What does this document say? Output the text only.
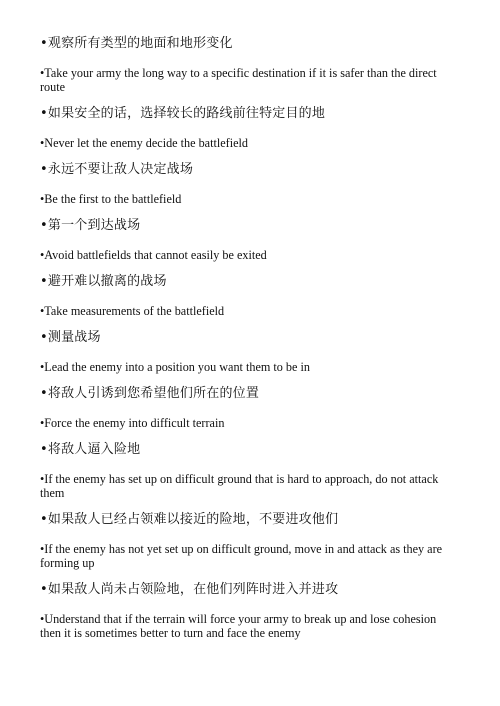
•观察所有类型的地面和地形变化

•Take your army the long way to a specific destination if it is safer than the direct route

•如果安全的话，选择较长的路线前往特定目的地

•Never let the enemy decide the battlefield

•永远不要让敌人决定战场

•Be the first to the battlefield

•第一个到达战场

•Avoid battlefields that cannot easily be exited

•避开难以撤离的战场

•Take measurements of the battlefield

•测量战场

•Lead the enemy into a position you want them to be in

•将敌人引诱到您希望他们所在的位置

•Force the enemy into difficult terrain

•将敌人逼入险地

•If the enemy has set up on difficult ground that is hard to approach, do not attack them

•如果敌人已经占领难以接近的险地，不要进攻他们

•If the enemy has not yet set up on difficult ground, move in and attack as they are forming up

•如果敌人尚未占领险地，在他们列阵时进入并进攻

•Understand that if the terrain will force your army to break up and lose cohesion then it is sometimes better to turn and face the enemy
